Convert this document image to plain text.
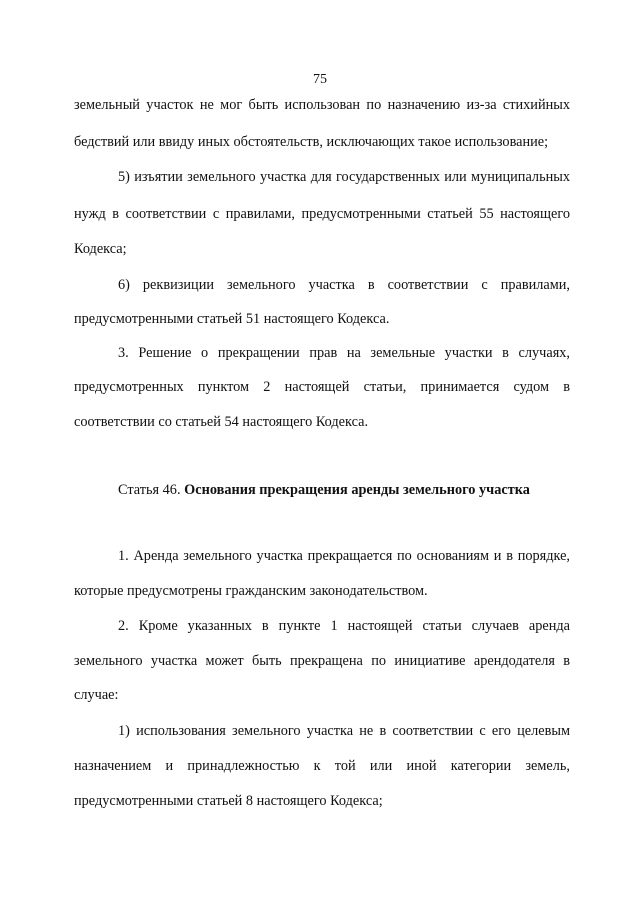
75
земельный участок не мог быть использован по назначению из-за стихийных
бедствий или ввиду иных обстоятельств, исключающих такое использование;
5) изъятии земельного участка для государственных или муниципальных
нужд в соответствии с правилами, предусмотренными статьей 55 настоящего
Кодекса;
6) реквизиции земельного участка в соответствии с правилами,
предусмотренными статьей 51 настоящего Кодекса.
3. Решение о прекращении прав на земельные участки в случаях,
предусмотренных пунктом 2 настоящей статьи, принимается судом в
соответствии со статьей 54 настоящего Кодекса.
Статья 46. Основания прекращения аренды земельного участка
1. Аренда земельного участка прекращается по основаниям и в порядке,
которые предусмотрены гражданским законодательством.
2. Кроме указанных в пункте 1 настоящей статьи случаев аренда
земельного участка может быть прекращена по инициативе арендодателя в
случае:
1) использования земельного участка не в соответствии с его целевым
назначением и принадлежностью к той или иной категории земель,
предусмотренными статьей 8 настоящего Кодекса;
